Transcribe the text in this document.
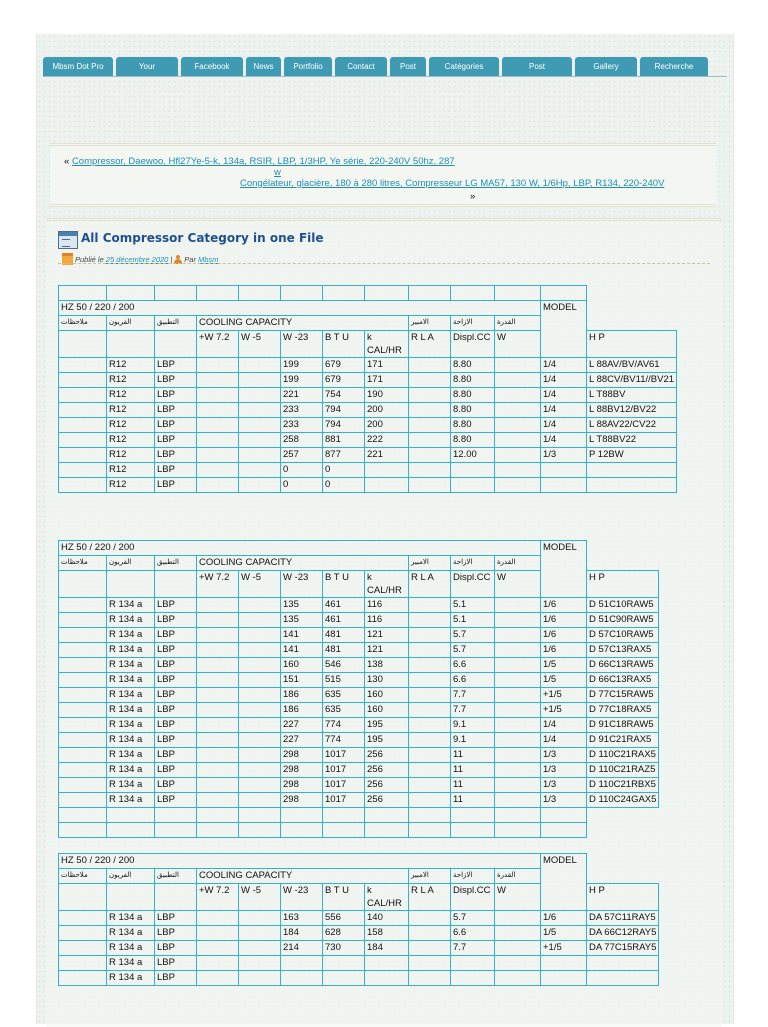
Mbsm Dot Pro	Your	Facebook	News	Portfolio	Contact	Post	Catégories	Post	Gallery	Recherche
« Compressor, Daewoo, Hfl27Ye-5-k, 134a, RSIR, LBP, 1/3HP, Ye série, 220-240V 50hz, 287
w
Congélateur, glacière, 180 à 280 litres, Compresseur LG MA57, 130 W, 1/6Hp, LBP, R134, 220-240V
»
All Compressor Category in one File
Publié le 25 décembre 2020 | Par Mbsm

HZ 50 / 220 / 200											MODEL	
ملاحظات	الفريون	التطبيق	COOLING CAPACITY					الامبير	الازاحة	القدرة		
			+W 7.2	W -5	W -23	B T U	k CAL/HR	R L A	Displ.CC	W		H P
	R12	LBP			199	679	171		8.80		1/4	L 88AV/BV/AV61
	R12	LBP			199	679	171		8.80		1/4	L 88CV/BV11//BV21
	R12	LBP			221	754	190		8.80		1/4	L T88BV
	R12	LBP			233	794	200		8.80		1/4	L 88BV12/BV22
	R12	LBP			233	794	200		8.80		1/4	L 88AV22/CV22
	R12	LBP			258	881	222		8.80		1/4	L T88BV22
	R12	LBP			257	877	221		12.00		1/3	P 12BW
	R12	LBP			0	0						
	R12	LBP			0	0						
HZ 50 / 220 / 200											MODEL	
ملاحظات	الفريون	التطبيق	COOLING CAPACITY					الامبير	الازاحة	القدرة		
			+W 7.2	W -5	W -23	B T U	k CAL/HR	R L A	Displ.CC	W		H P
	R 134 a	LBP			135	461	116		5.1		1/6	D 51C10RAW5
	R 134 a	LBP			135	461	116		5.1		1/6	D 51C90RAW5
	R 134 a	LBP			141	481	121		5.7		1/6	D 57C10RAW5
	R 134 a	LBP			141	481	121		5.7		1/6	D 57C13RAX5
	R 134 a	LBP			160	546	138		6.6		1/5	D 66C13RAW5
	R 134 a	LBP			151	515	130		6.6		1/5	D 66C13RAX5
	R 134 a	LBP			186	635	160		7.7		+1/5	D 77C15RAW5
	R 134 a	LBP			186	635	160		7.7		+1/5	D 77C18RAX5
	R 134 a	LBP			227	774	195		9.1		1/4	D 91C18RAW5
	R 134 a	LBP			227	774	195		9.1		1/4	D 91C21RAX5
	R 134 a	LBP			298	1017	256		11		1/3	D 110C21RAX5
	R 134 a	LBP			298	1017	256		11		1/3	D 110C21RAZ5
	R 134 a	LBP			298	1017	256		11		1/3	D 110C21RBX5
	R 134 a	LBP			298	1017	256		11		1/3	D 110C24GAX5

HZ 50 / 220 / 200											MODEL	
ملاحظات	الفريون	التطبيق	COOLING CAPACITY					الامبير	الازاحة	القدرة		
			+W 7.2	W -5	W -23	B T U	k CAL/HR	R L A	Displ.CC	W		H P
	R 134 a	LBP			163	556	140		5.7		1/6	DA 57C11RAY5
	R 134 a	LBP			184	628	158		6.6		1/5	DA 66C12RAY5
	R 134 a	LBP			214	730	184		7.7		+1/5	DA 77C15RAY5
	R 134 a	LBP										
	R 134 a	LBP										
